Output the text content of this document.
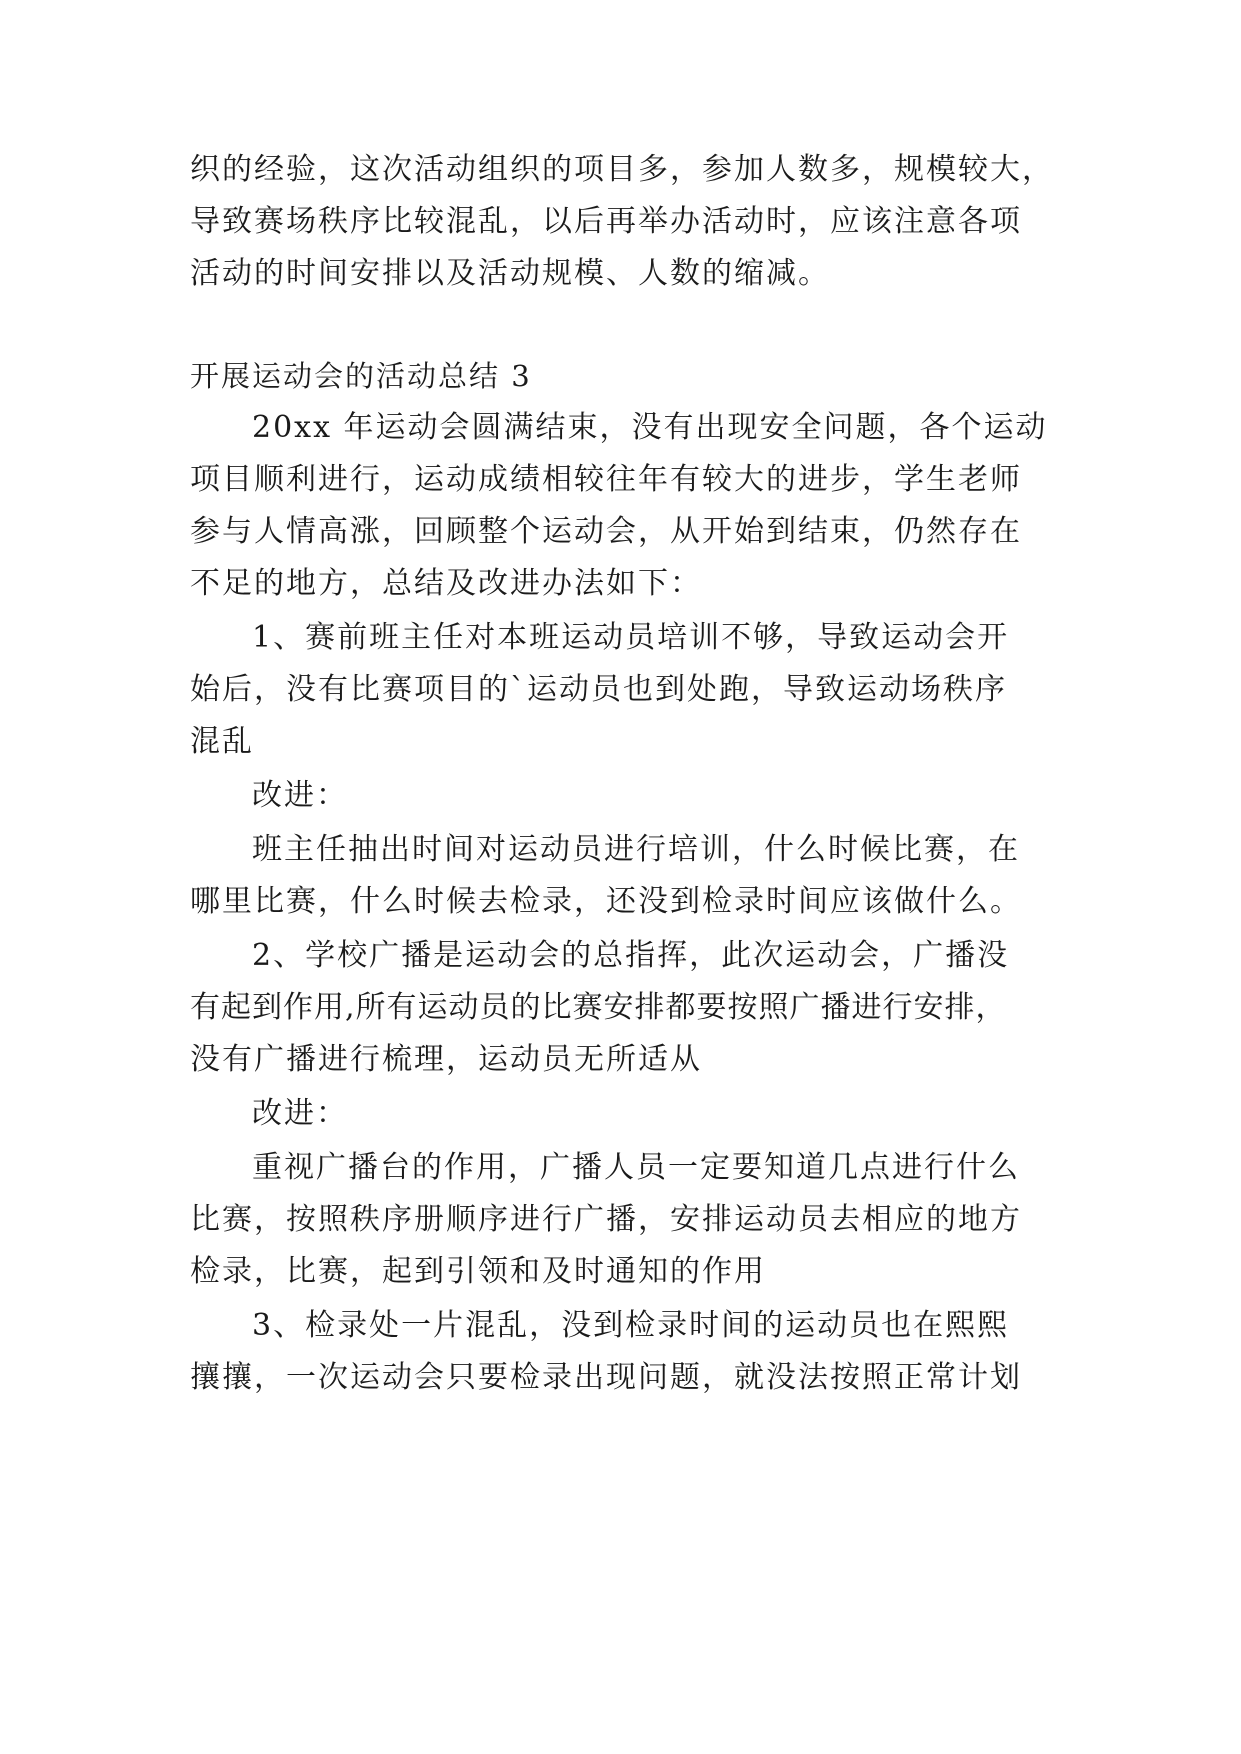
织的经验，这次活动组织的项目多，参加人数多，规模较大，
导致赛场秩序比较混乱，以后再举办活动时，应该注意各项
活动的时间安排以及活动规模、人数的缩减。
开展运动会的活动总结 3
20xx 年运动会圆满结束，没有出现安全问题，各个运动
项目顺利进行，运动成绩相较往年有较大的进步，学生老师
参与人情高涨，回顾整个运动会，从开始到结束，仍然存在
不足的地方，总结及改进办法如下：
1、赛前班主任对本班运动员培训不够，导致运动会开
始后，没有比赛项目的`运动员也到处跑，导致运动场秩序
混乱
改进：
班主任抽出时间对运动员进行培训，什么时候比赛，在
哪里比赛，什么时候去检录，还没到检录时间应该做什么。
2、学校广播是运动会的总指挥，此次运动会，广播没
有起到作用,所有运动员的比赛安排都要按照广播进行安排，
没有广播进行梳理，运动员无所适从
改进：
重视广播台的作用，广播人员一定要知道几点进行什么
比赛，按照秩序册顺序进行广播，安排运动员去相应的地方
检录，比赛，起到引领和及时通知的作用
3、检录处一片混乱，没到检录时间的运动员也在熙熙
攘攘，一次运动会只要检录出现问题，就没法按照正常计划
